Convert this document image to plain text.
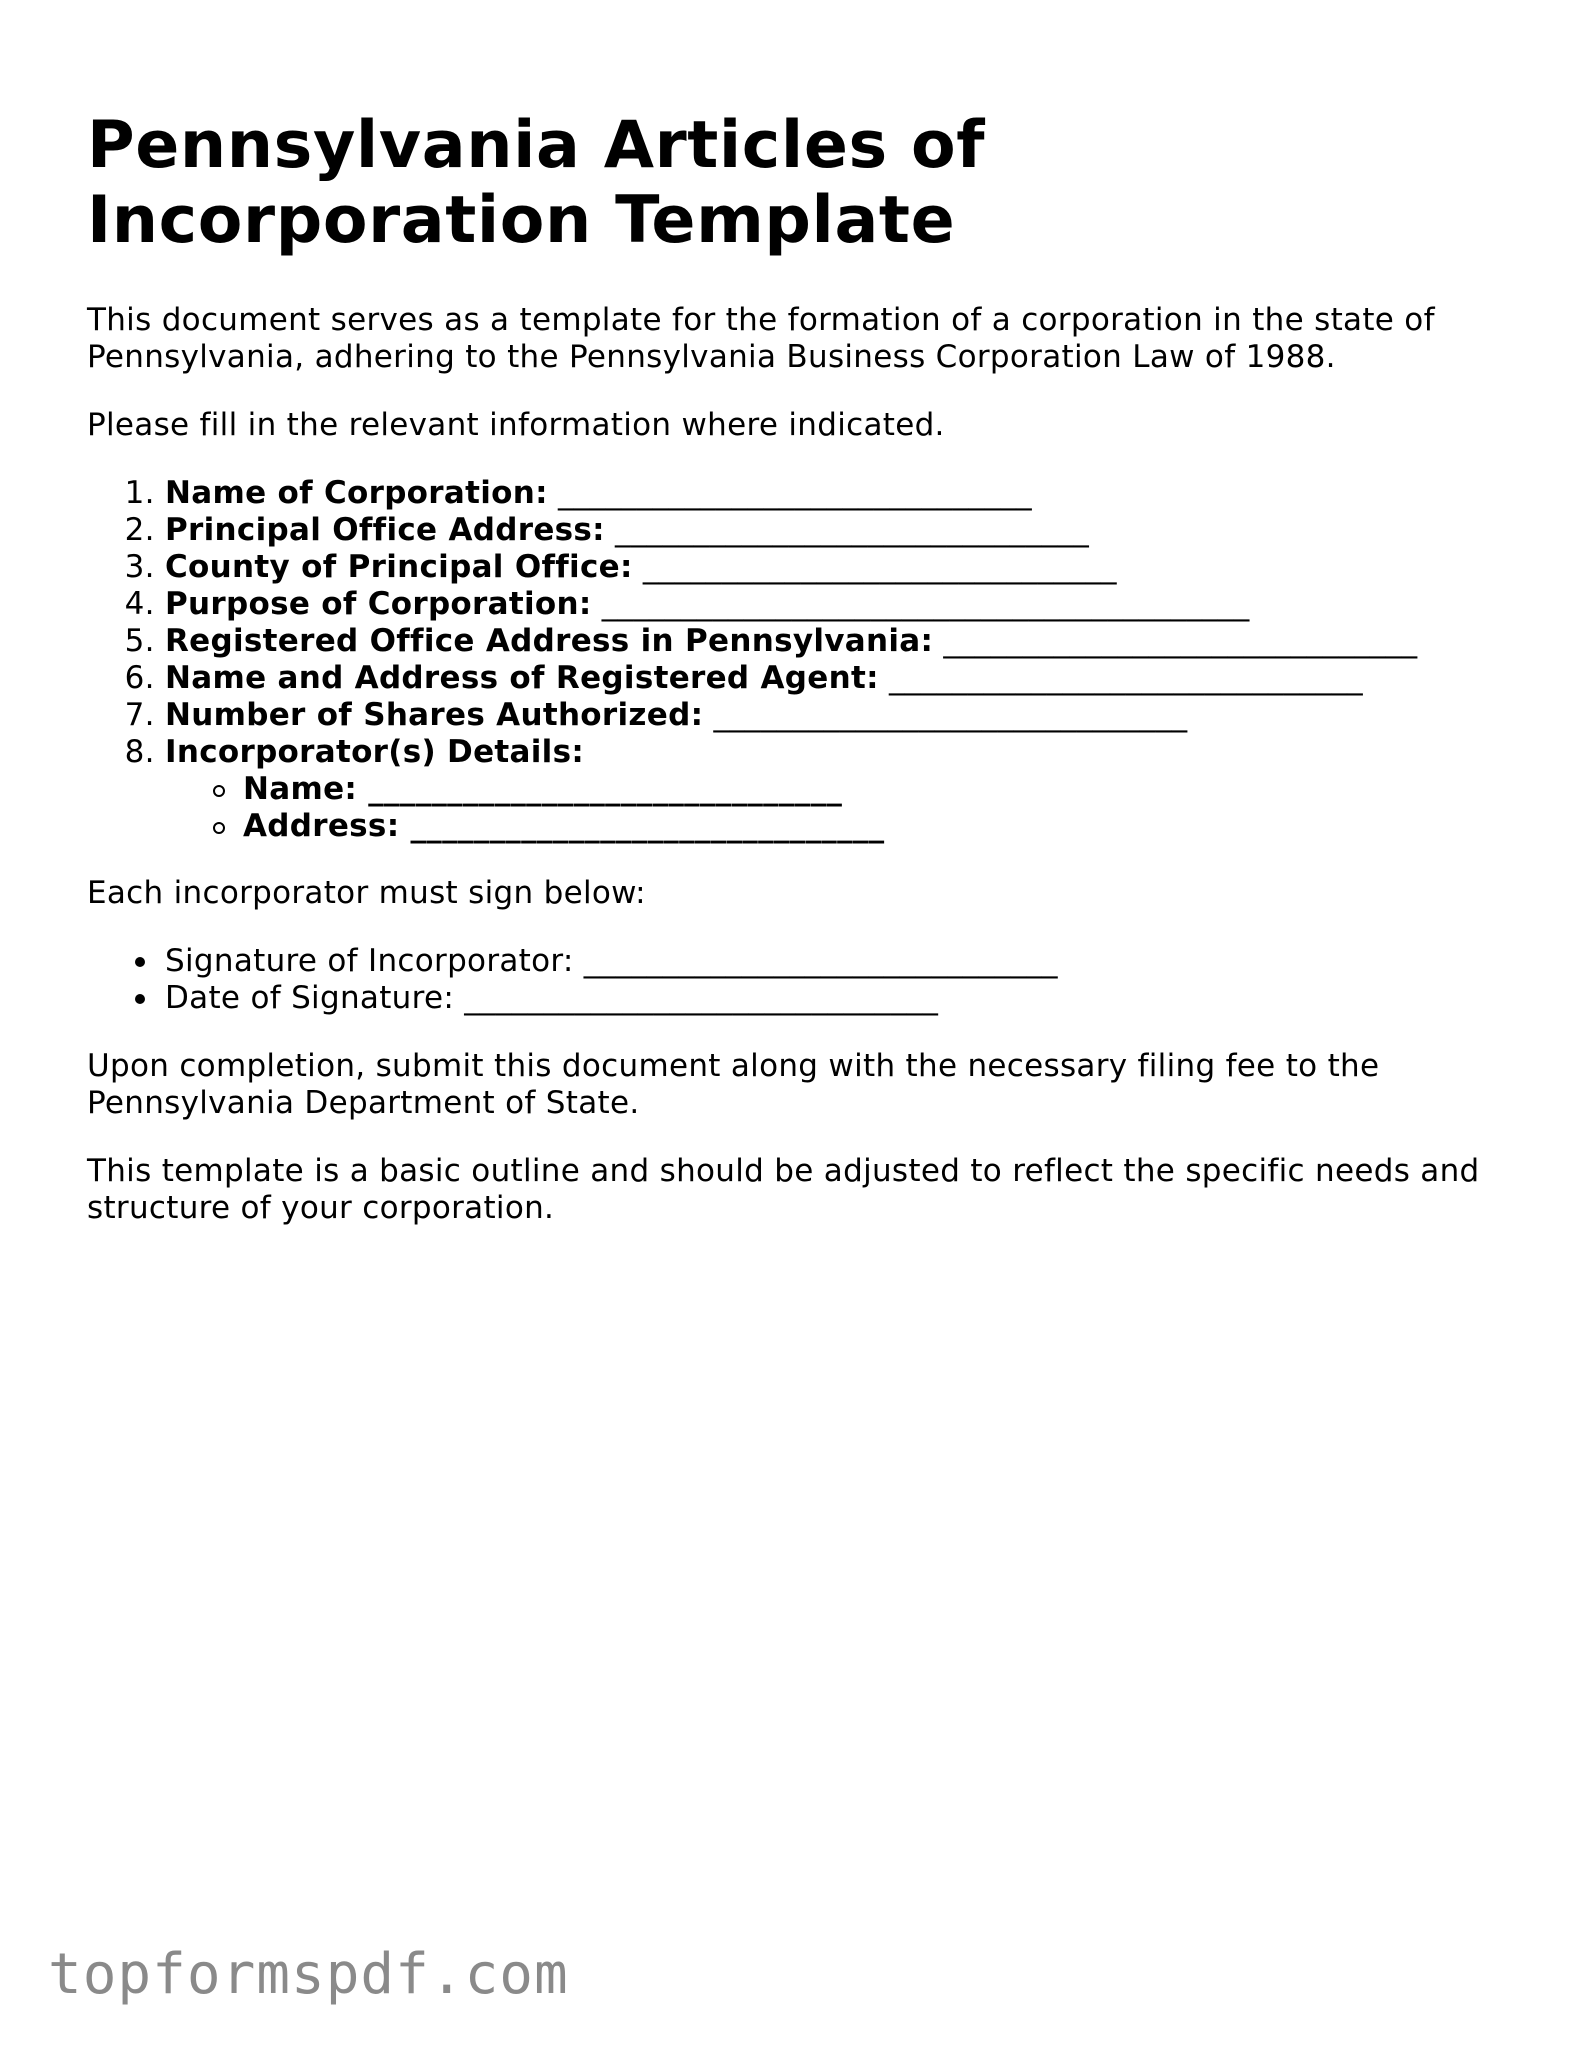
Pennsylvania Articles of Incorporation Template

This document serves as a template for the formation of a corporation in the state of Pennsylvania, adhering to the Pennsylvania Business Corporation Law of 1988.

Please fill in the relevant information where indicated.

1. Name of Corporation: ______________________________
2. Principal Office Address: ______________________________
3. County of Principal Office: ______________________________
4. Purpose of Corporation: _________________________________________
5. Registered Office Address in Pennsylvania: ______________________________
6. Name and Address of Registered Agent: ______________________________
7. Number of Shares Authorized: ______________________________
8. Incorporator(s) Details:
Name: ______________________________
Address: ______________________________

Each incorporator must sign below:

Signature of Incorporator: ______________________________
Date of Signature: ______________________________

Upon completion, submit this document along with the necessary filing fee to the Pennsylvania Department of State.

This template is a basic outline and should be adjusted to reflect the specific needs and structure of your corporation.

topformspdf.com
